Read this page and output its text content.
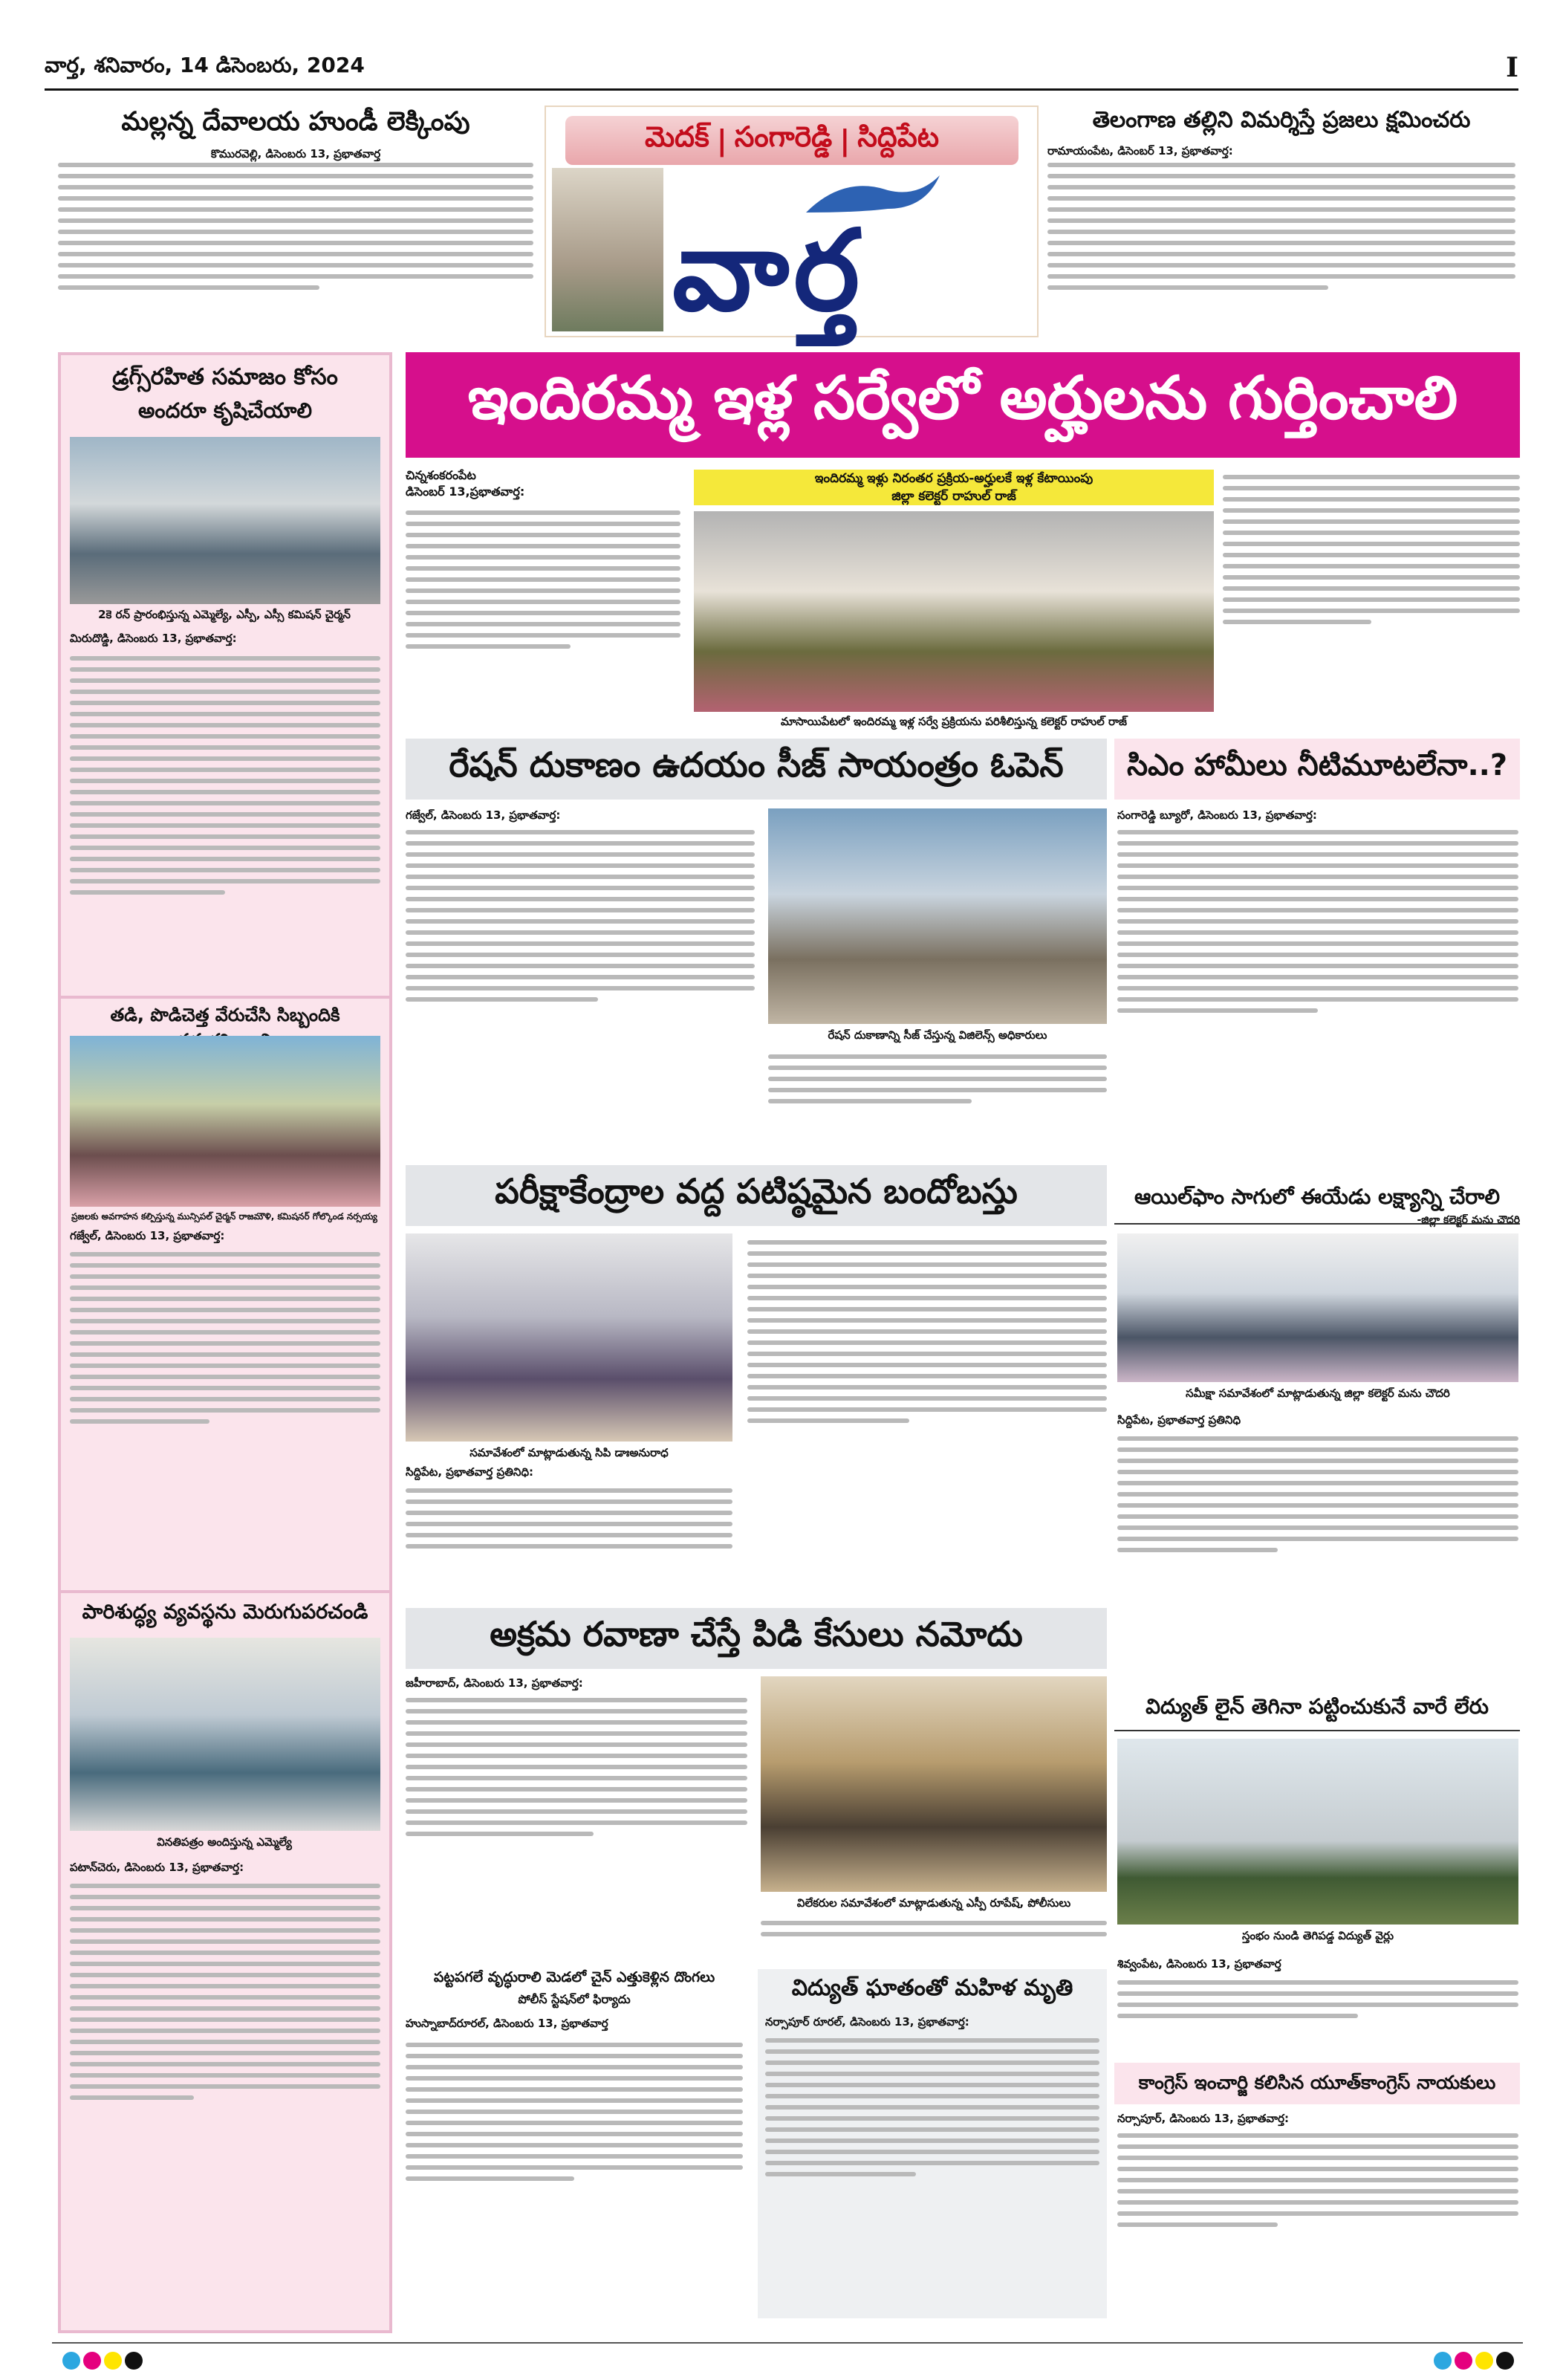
వార్త, శనివారం, 14 డిసెంబరు, 2024	I
మల్లన్న దేవాలయ హుండీ లెక్కింపు
కొమురవెల్లి, డిసెంబరు 13, ప్రభాతవార్త
మెదక్ | సంగారెడ్డి | సిద్దిపేట
వార్త
తెలంగాణ తల్లిని విమర్శిస్తే ప్రజలు క్షమించరు
రామాయంపేట, డిసెంబర్ 13, ప్రభాతవార్త:
డ్రగ్స్‌రహిత సమాజం కోసం
అందరూ కృషిచేయాలి
2కె రన్ ప్రారంభిస్తున్న ఎమ్మెల్యే, ఎస్పీ, ఎస్సీ కమిషన్ చైర్మన్
మిరుదొడ్డి, డిసెంబరు 13, ప్రభాతవార్త:
తడి, పొడిచెత్త వేరుచేసి సిబ్బందికి
ప్రజలకు అవగాహన కల్పిస్తున్న మున్సిపల్ చైర్మన్ రాజమౌళి, కమిషనర్ గోల్కొండ నర్సయ్య
గజ్వేల్, డిసెంబరు 13, ప్రభాతవార్త:
పారిశుద్ధ్య వ్యవస్థను మెరుగుపరచండి
వినతిపత్రం అందిస్తున్న ఎమ్మెల్యే
పటాన్‌చెరు, డిసెంబరు 13, ప్రభాతవార్త:
ఇందిరమ్మ ఇళ్ల సర్వేలో అర్హులను గుర్తించాలి
చిన్నశంకరంపేట
డిసెంబర్ 13,ప్రభాతవార్త:
ఇందిరమ్మ ఇళ్లు నిరంతర ప్రక్రియ-అర్హులకే ఇళ్ల కేటాయింపు
జిల్లా కలెక్టర్ రాహుల్ రాజ్
మాసాయిపేటలో ఇందిరమ్మ ఇళ్ల సర్వే ప్రక్రియను పరిశీలిస్తున్న కలెక్టర్ రాహుల్ రాజ్
రేషన్ దుకాణం ఉదయం సీజ్ సాయంత్రం ఓపెన్
గజ్వేల్, డిసెంబరు 13, ప్రభాతవార్త:
రేషన్ దుకాణాన్ని సీజ్ చేస్తున్న విజిలెన్స్ అధికారులు
సిఎం హామీలు నీటిమూటలేనా..?
సంగారెడ్డి బ్యూరో, డిసెంబరు 13, ప్రభాతవార్త:
పరీక్షాకేంద్రాల వద్ద పటిష్ఠమైన బందోబస్తు
సమావేశంలో మాట్లాడుతున్న సిపి డాఃఅనురాధ
సిద్దిపేట, ప్రభాతవార్త ప్రతినిధి:
ఆయిల్‌ఫాం సాగులో ఈయేడు లక్ష్యాన్ని చేరాలి
-జిల్లా కలెక్టర్ మను చౌదరి
సమీక్షా సమావేశంలో మాట్లాడుతున్న జిల్లా కలెక్టర్ మను చౌదరి
సిద్దిపేట, ప్రభాతవార్త ప్రతినిధి
అక్రమ రవాణా చేస్తే పిడి కేసులు నమోదు
జహీరాబాద్, డిసెంబరు 13, ప్రభాతవార్త:
విలేకరుల సమావేశంలో మాట్లాడుతున్న ఎస్పీ రూపేష్, పోలీసులు
పట్టపగలే వృద్ధురాలి మెడలో చైన్ ఎత్తుకెళ్లిన దొంగలు
పోలీస్ స్టేషన్‌లో ఫిర్యాదు
హుస్నాబాద్‌రూరల్, డిసెంబరు 13, ప్రభాతవార్త
విద్యుత్ ఘాతంతో మహిళ మృతి
నర్సాపూర్ రూరల్, డిసెంబరు 13, ప్రభాతవార్త:
విద్యుత్ లైన్ తెగినా పట్టించుకునే వారే లేరు
స్తంభం నుండి తెగిపడ్డ విద్యుత్ వైర్లు
శివ్వంపేట, డిసెంబరు 13, ప్రభాతవార్త
కాంగ్రెస్ ఇంచార్జి కలిసిన యూత్‌కాంగ్రెస్ నాయకులు
నర్సాపూర్, డిసెంబరు 13, ప్రభాతవార్త:
